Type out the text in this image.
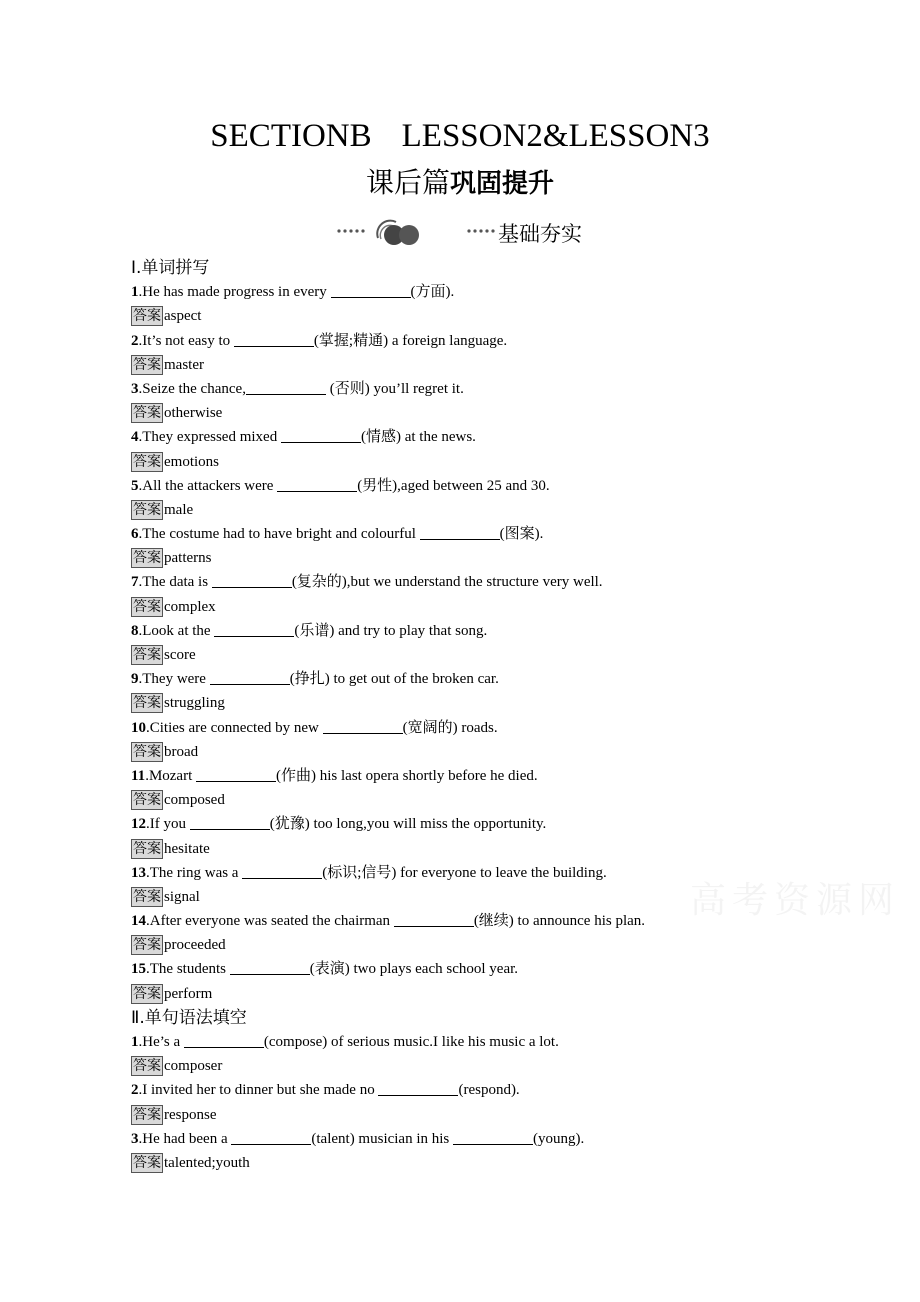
SECTIONB LESSON2&LESSON3
课后篇巩固提升
基础夯实
Ⅰ.单词拼写
1.He has made progress in every	(方面).
答案 aspect
2.It’s not easy to	(掌握;精通) a foreign language.
答案 master
3.Seize the chance,	(否则) you’ll regret it.
答案 otherwise
4.They expressed mixed	(情感) at the news.
答案 emotions
5.All the attackers were	(男性),aged between 25 and 30.
答案 male
6.The costume had to have bright and colourful	(图案).
答案 patterns
7.The data is	(复杂的),but we understand the structure very well.
答案 complex
8.Look at the	(乐谱) and try to play that song.
答案 score
9.They were	(挣扎) to get out of the broken car.
答案 struggling
10.Cities are connected by new	(宽阔的) roads.
答案 broad
11.Mozart	(作曲) his last opera shortly before he died.
答案 composed
12.If you	(犹豫) too long,you will miss the opportunity.
答案 hesitate
13.The ring was a	(标识;信号) for everyone to leave the building.
答案 signal
14.After everyone was seated the chairman	(继续) to announce his plan.
答案 proceeded
15.The students	(表演) two plays each school year.
答案 perform
Ⅱ.单句语法填空
1.He’s a	(compose) of serious music.I like his music a lot.
答案 composer
2.I invited her to dinner but she made no	(respond).
答案 response
3.He had been a	(talent) musician in his	(young).
答案 talented;youth
高考资源网
